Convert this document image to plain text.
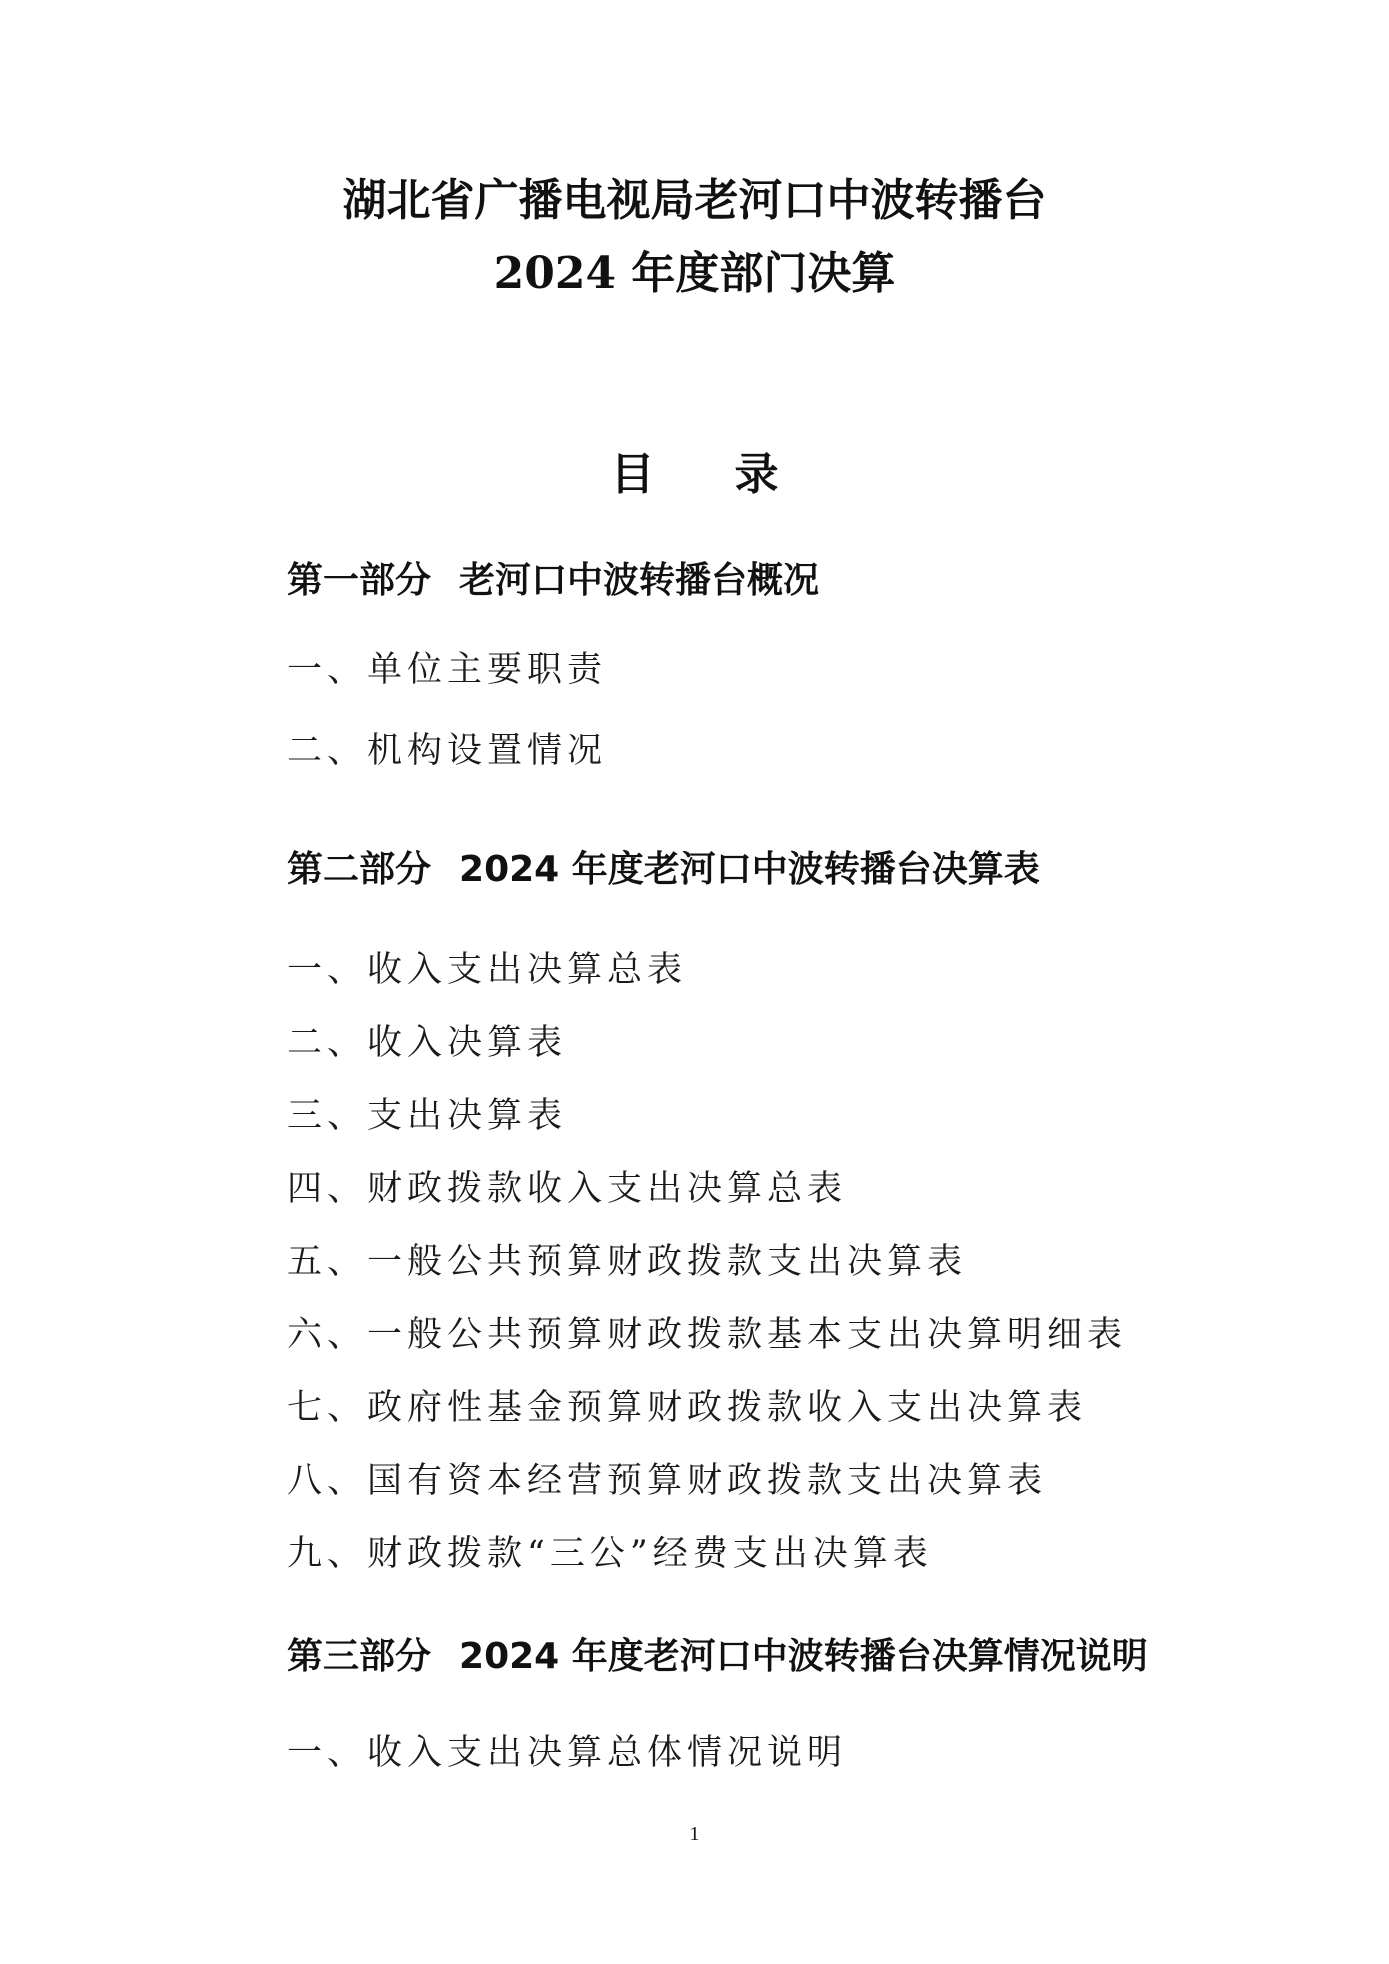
湖北省广播电视局老河口中波转播台
2024 年度部门决算
目 录
第一部分 老河口中波转播台概况
一、单位主要职责
二、机构设置情况
第二部分 2024 年度老河口中波转播台决算表
一、收入支出决算总表
二、收入决算表
三、支出决算表
四、财政拨款收入支出决算总表
五、一般公共预算财政拨款支出决算表
六、一般公共预算财政拨款基本支出决算明细表
七、政府性基金预算财政拨款收入支出决算表
八、国有资本经营预算财政拨款支出决算表
九、财政拨款“三公”经费支出决算表
第三部分 2024 年度老河口中波转播台决算情况说明
一、收入支出决算总体情况说明
1
